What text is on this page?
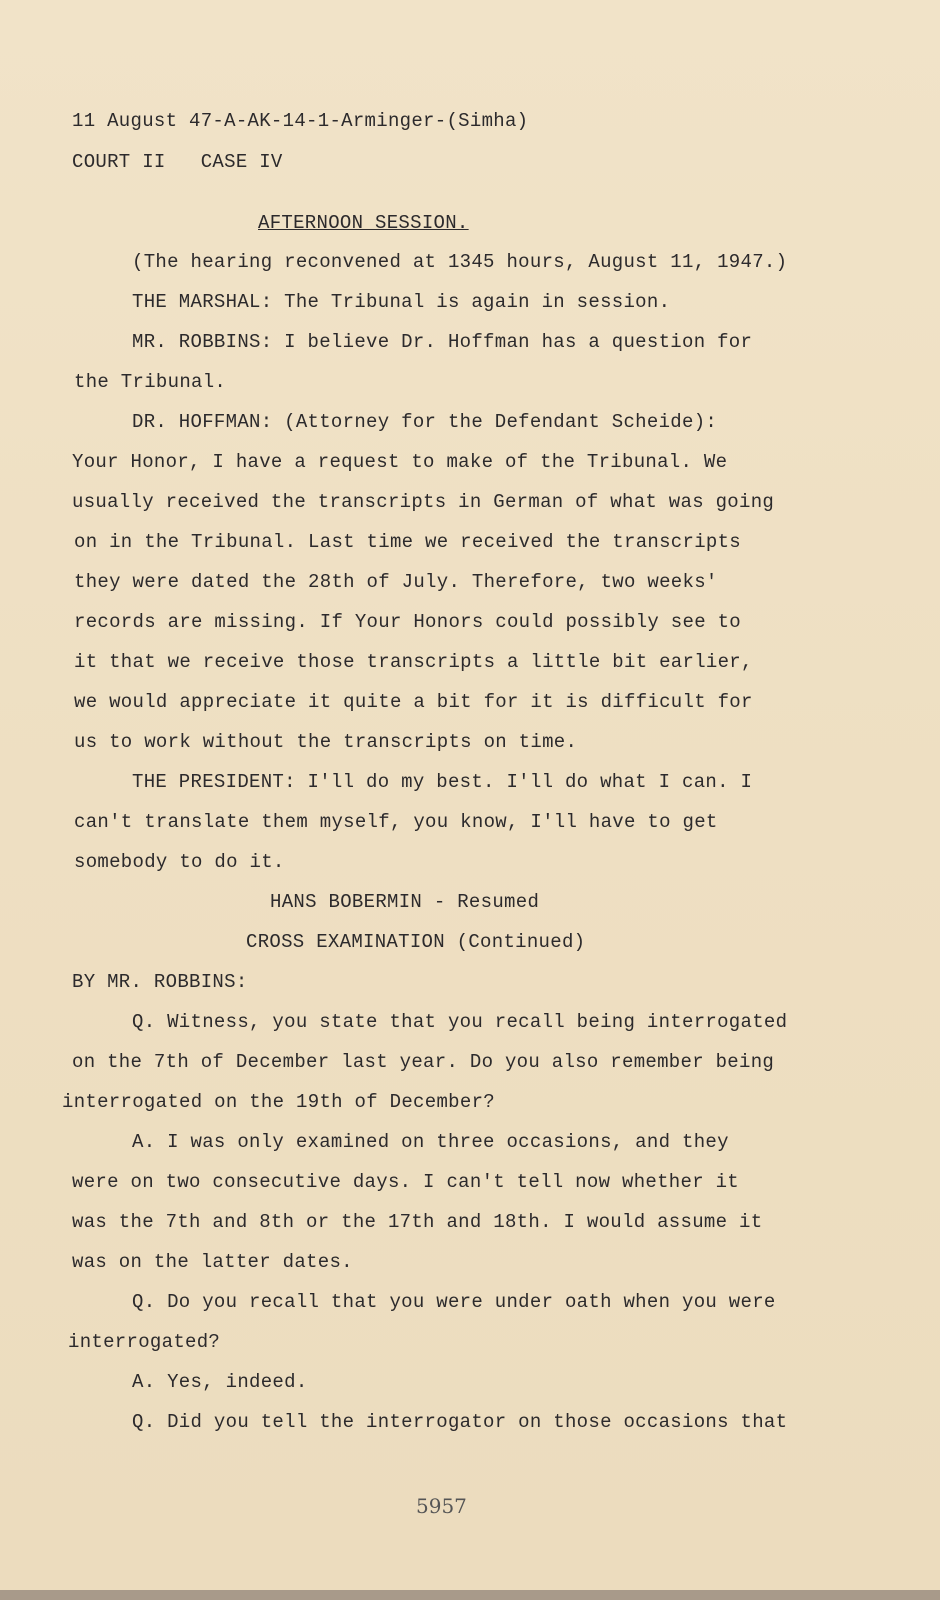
11 August 47-A-AK-14-1-Arminger-(Simha)
COURT II   CASE IV
AFTERNOON SESSION.
(The hearing reconvened at 1345 hours, August 11, 1947.)
THE MARSHAL: The Tribunal is again in session.
MR. ROBBINS: I believe Dr. Hoffman has a question for
the Tribunal.
DR. HOFFMAN: (Attorney for the Defendant Scheide):
Your Honor, I have a request to make of the Tribunal. We
usually received the transcripts in German of what was going
on in the Tribunal. Last time we received the transcripts
they were dated the 28th of July. Therefore, two weeks'
records are missing. If Your Honors could possibly see to
it that we receive those transcripts a little bit earlier,
we would appreciate it quite a bit for it is difficult for
us to work without the transcripts on time.
THE PRESIDENT: I'll do my best. I'll do what I can. I
can't translate them myself, you know, I'll have to get
somebody to do it.
HANS BOBERMIN - Resumed
CROSS EXAMINATION (Continued)
BY MR. ROBBINS:
Q. Witness, you state that you recall being interrogated
on the 7th of December last year. Do you also remember being
interrogated on the 19th of December?
A. I was only examined on three occasions, and they
were on two consecutive days. I can't tell now whether it
was the 7th and 8th or the 17th and 18th. I would assume it
was on the latter dates.
Q. Do you recall that you were under oath when you were
interrogated?
A. Yes, indeed.
Q. Did you tell the interrogator on those occasions that
5957
